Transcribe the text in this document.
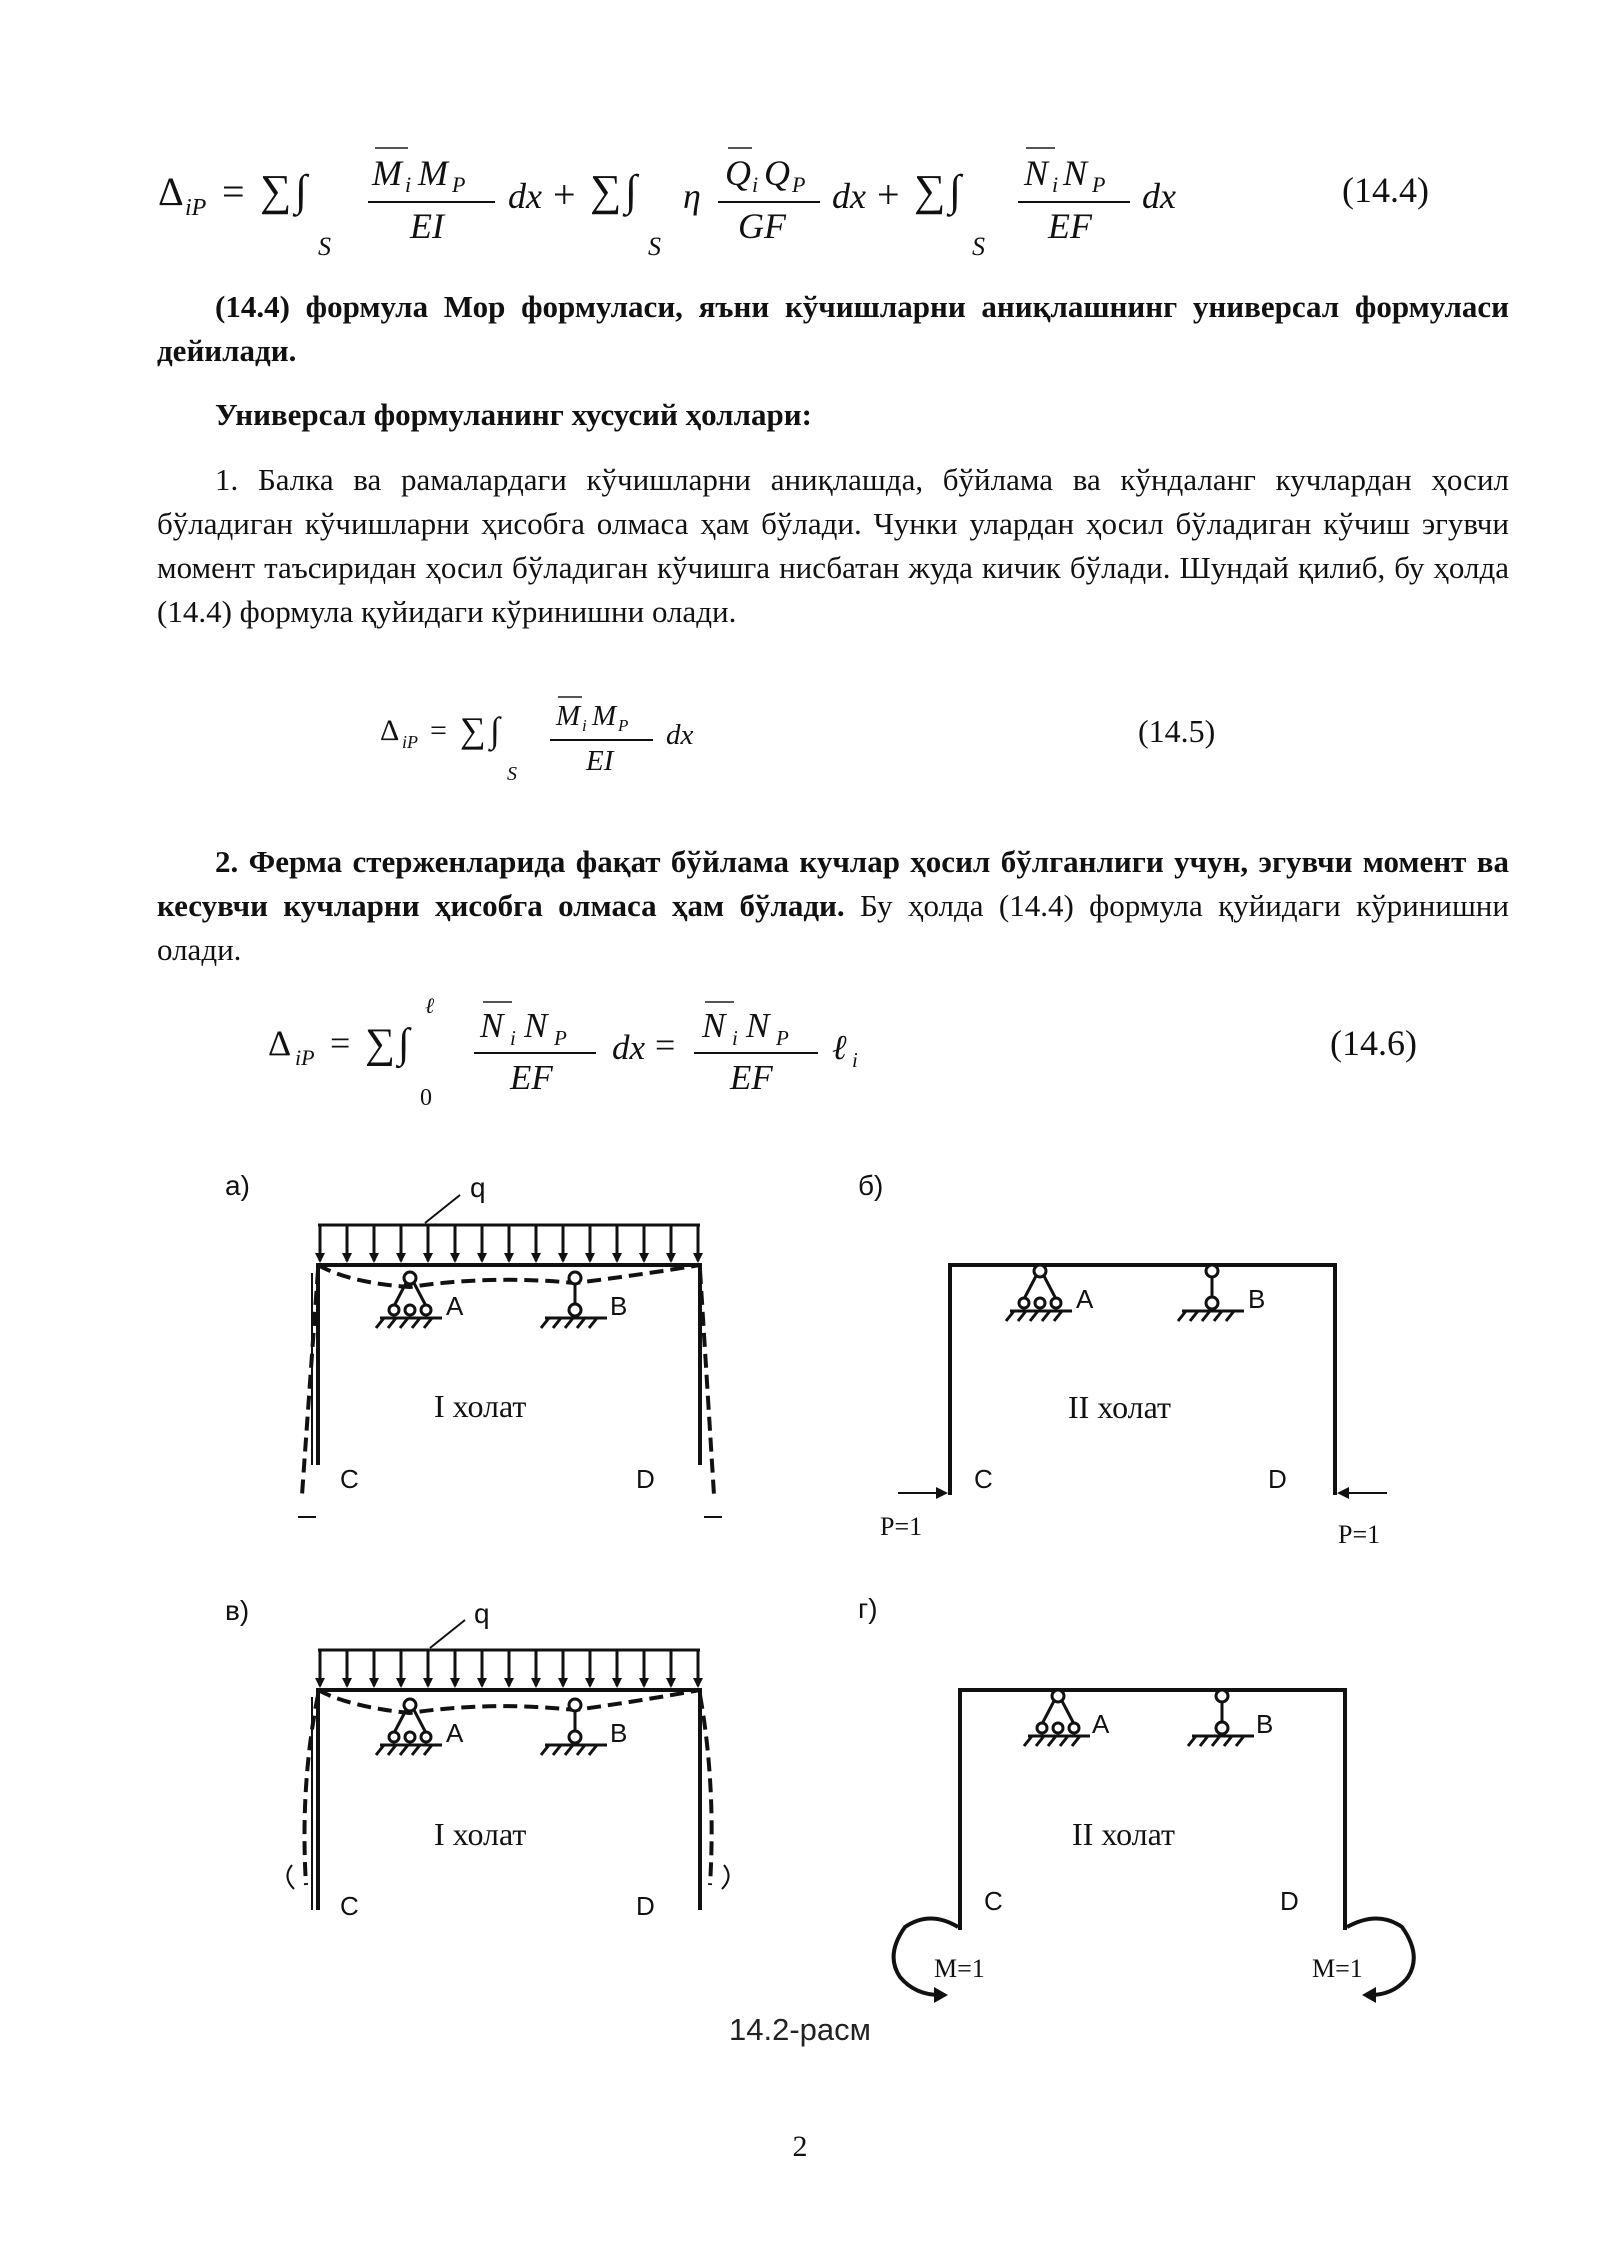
Δ iP = ∑ ∫
S
M i M P
EI
dx + ∑ ∫
S
η
Q i Q P
GF
dx + ∑ ∫
S
N i N P
EF
dx	(14.4)

(14.4) формула Мор формуласи, яъни кўчишларни аниқлашнинг универсал формуласи дейилади.

Универсал формуланинг хусусий ҳоллари:

1. Балка ва рамалардаги кўчишларни аниқлашда, бўйлама ва кўндаланг кучлардан ҳосил бўладиган кўчишларни ҳисобга олмаса ҳам бўлади. Чунки улардан ҳосил бўладиган кўчиш эгувчи момент таъсиридан ҳосил бўладиган кўчишга нисбатан жуда кичик бўлади. Шундай қилиб, бу ҳолда (14.4) формула қуйидаги кўринишни олади.

Δ iP = ∑ ∫
S
M i M P
EI
dx	(14.5)

2. Ферма стерженларида фақат бўйлама кучлар ҳосил бўлганлиги учун, эгувчи момент ва кесувчи кучларни ҳисобга олмаса ҳам бўлади. Бу ҳолда (14.4) формула қуйидаги кўринишни олади.

Δ iP = ∑ ∫
ℓ
0
N i N P
EF
dx = N i N P
EF
ℓ i	(14.6)
а)	q
A	B
I холат
C	D
б)
A	B
II холат
C	D
P=1	P=1
в)	q
A	B
I холат
C	D
г)
A	B
II холат
C	D
M=1	M=1
14.2-расм
2
